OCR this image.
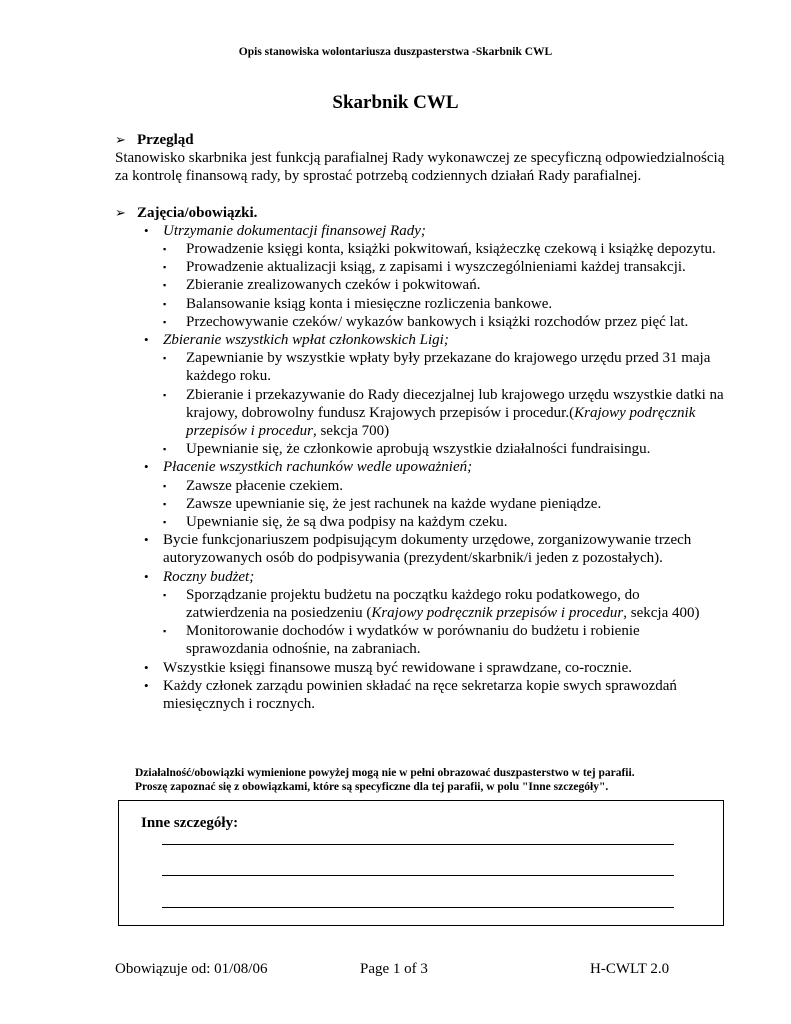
Opis stanowiska wolontariusza duszpasterstwa -Skarbnik CWL
Skarbnik CWL
➢ Przegląd

Stanowisko skarbnika jest funkcją parafialnej Rady wykonawczej ze specyficzną odpowiedzialnością za kontrolę finansową rady, by sprostać potrzebą codziennych działań Rady parafialnej.

➢ Zajęcia/obowiązki.
• Utrzymanie dokumentacji finansowej Rady;
▪ Prowadzenie księgi konta, książki pokwitowań, książeczkę czekową i książkę depozytu.
▪ Prowadzenie aktualizacji ksiąg, z zapisami i wyszczególnieniami każdej transakcji.
▪ Zbieranie zrealizowanych czeków i pokwitowań.
▪ Balansowanie ksiąg konta i miesięczne rozliczenia bankowe.
▪ Przechowywanie czeków/ wykazów bankowych i książki rozchodów przez pięć lat.
• Zbieranie wszystkich wpłat członkowskich Ligi;
▪ Zapewnianie by wszystkie wpłaty były przekazane do krajowego urzędu przed 31 maja każdego roku.
▪ Zbieranie i przekazywanie do Rady diecezjalnej lub krajowego urzędu wszystkie datki na krajowy, dobrowolny fundusz Krajowych przepisów i procedur.(Krajowy podręcznik przepisów i procedur, sekcja 700)
▪ Upewnianie się, że członkowie aprobują wszystkie działalności fundraisingu.
• Płacenie wszystkich rachunków wedle upoważnień;
▪ Zawsze płacenie czekiem.
▪ Zawsze upewnianie się, że jest rachunek na każde wydane pieniądze.
▪ Upewnianie się, że są dwa podpisy na każdym czeku.
• Bycie funkcjonariuszem podpisującym dokumenty urzędowe, zorganizowywanie trzech autoryzowanych osób do podpisywania (prezydent/skarbnik/i jeden z pozostałych).
• Roczny budżet;
▪ Sporządzanie projektu budżetu na początku każdego roku podatkowego, do zatwierdzenia na posiedzeniu (Krajowy podręcznik przepisów i procedur, sekcja 400)
▪ Monitorowanie dochodów i wydatków w porównaniu do budżetu i robienie sprawozdania odnośnie, na zabraniach.
• Wszystkie księgi finansowe muszą być rewidowane i sprawdzane, co-rocznie.
• Każdy członek zarządu powinien składać na ręce sekretarza kopie swych sprawozdań miesięcznych i rocznych.
Działalność/obowiązki wymienione powyżej mogą nie w pełni obrazować duszpasterstwo w tej parafii.
Proszę zapoznać się z obowiązkami, które są specyficzne dla tej parafii, w polu "Inne szczegóły".
Inne szczegóły:
Obowiązuje od: 01/08/06	Page 1 of 3	H-CWLT 2.0
